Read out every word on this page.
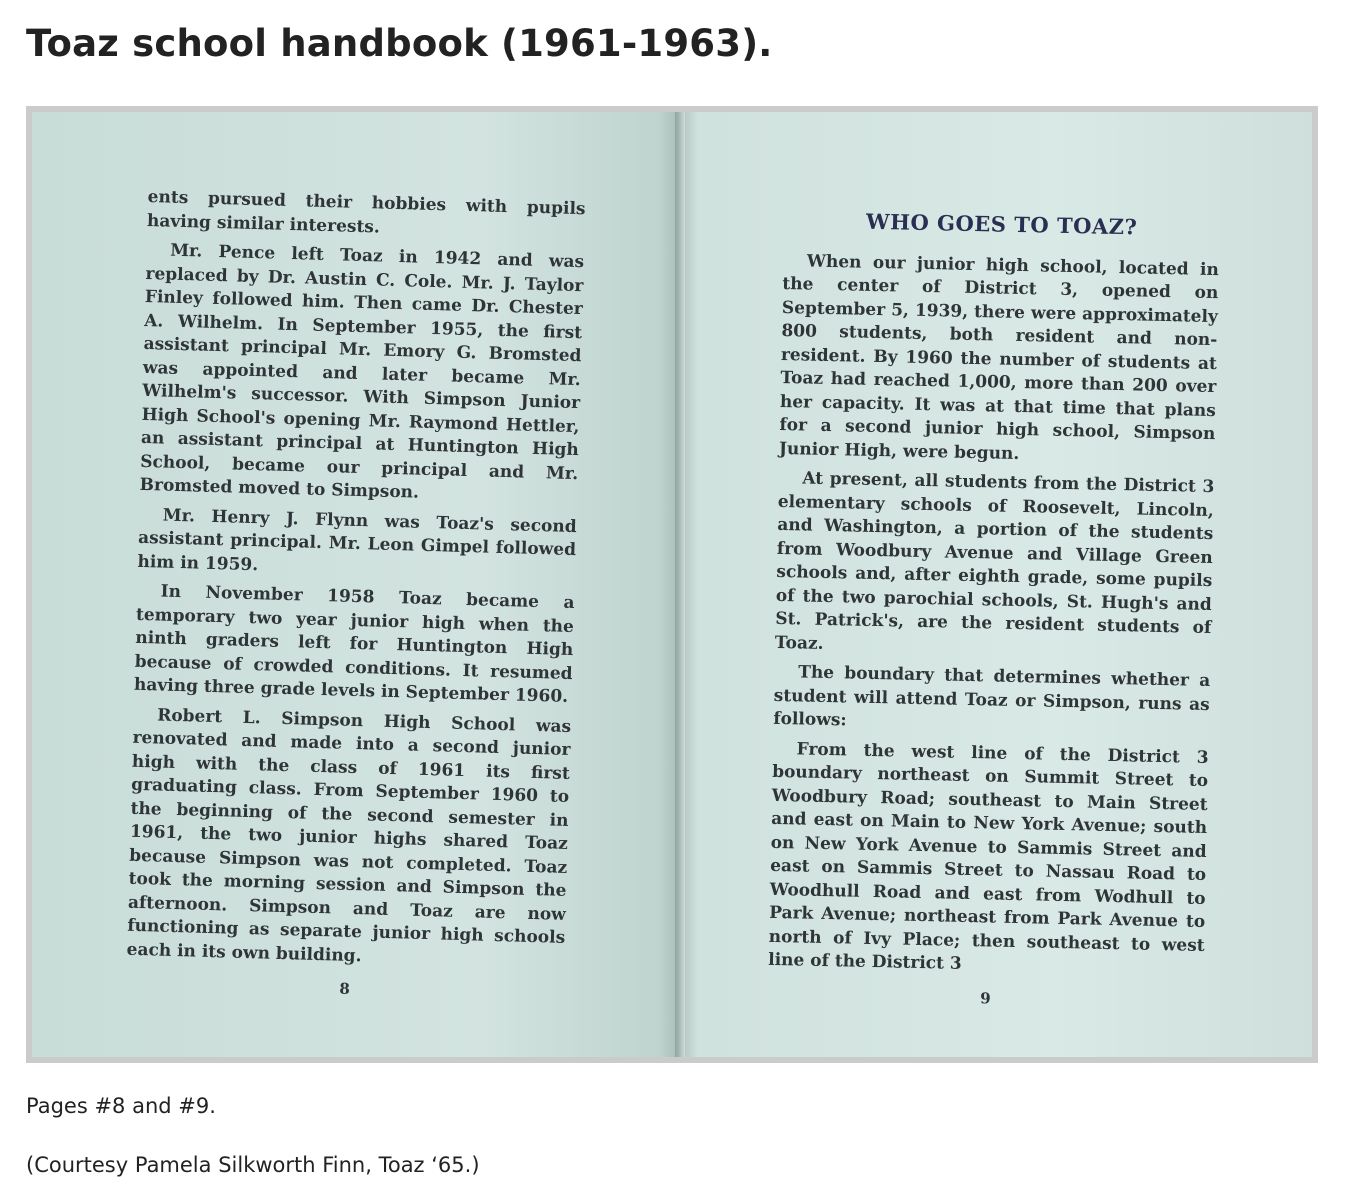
Toaz school handbook (1961-1963).

ents pursued their hobbies with pupils having similar interests.

Mr. Pence left Toaz in 1942 and was replaced by Dr. Austin C. Cole. Mr. J. Taylor Finley followed him. Then came Dr. Chester A. Wilhelm. In September 1955, the first assistant principal Mr. Emory G. Bromsted was appointed and later became Mr. Wilhelm's successor. With Simpson Junior High School's opening Mr. Raymond Hettler, an assistant principal at Huntington High School, became our principal and Mr. Bromsted moved to Simpson.

Mr. Henry J. Flynn was Toaz's second assistant principal. Mr. Leon Gimpel followed him in 1959.

In November 1958 Toaz became a temporary two year junior high when the ninth graders left for Huntington High because of crowded conditions. It resumed having three grade levels in September 1960.

Robert L. Simpson High School was renovated and made into a second junior high with the class of 1961 its first graduating class. From September 1960 to the beginning of the second semester in 1961, the two junior highs shared Toaz because Simpson was not completed. Toaz took the morning session and Simpson the afternoon. Simpson and Toaz are now functioning as separate junior high schools each in its own building.

8
WHO GOES TO TOAZ?

When our junior high school, located in the center of District 3, opened on September 5, 1939, there were approximately 800 students, both resident and non-resident. By 1960 the number of students at Toaz had reached 1,000, more than 200 over her capacity. It was at that time that plans for a second junior high school, Simpson Junior High, were begun.

At present, all students from the District 3 elementary schools of Roosevelt, Lincoln, and Washington, a portion of the students from Woodbury Avenue and Village Green schools and, after eighth grade, some pupils of the two parochial schools, St. Hugh's and St. Patrick's, are the resident students of Toaz.

The boundary that determines whether a student will attend Toaz or Simpson, runs as follows:

From the west line of the District 3 boundary northeast on Summit Street to Woodbury Road; southeast to Main Street and east on Main to New York Avenue; south on New York Avenue to Sammis Street and east on Sammis Street to Nassau Road to Woodhull Road and east from Wodhull to Park Avenue; northeast from Park Avenue to north of Ivy Place; then southeast to west line of the District 3

9

Pages #8 and #9.

(Courtesy Pamela Silkworth Finn, Toaz ‘65.)
